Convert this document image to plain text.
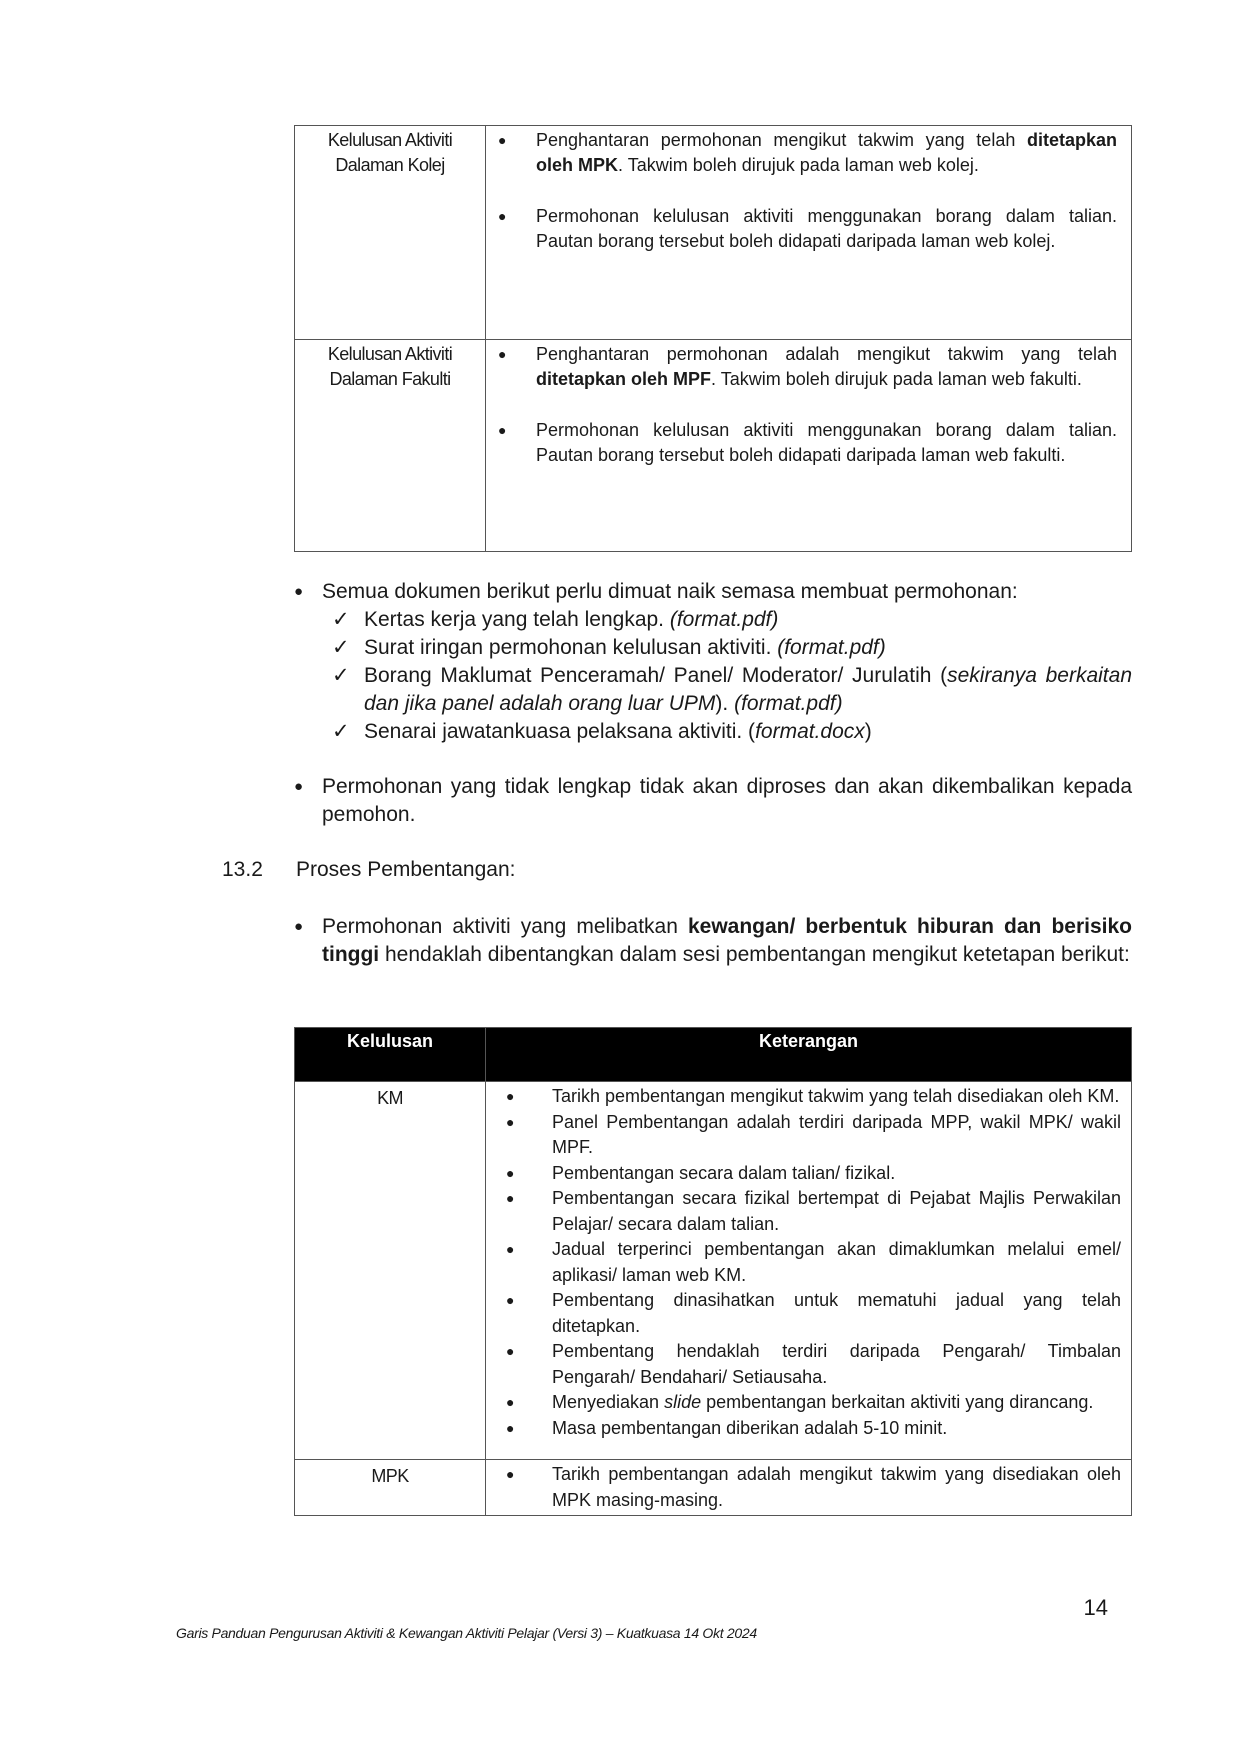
Kelulusan Aktiviti
Dalaman Kolej

●	Penghantaran permohonan mengikut takwim yang telah ditetapkan oleh MPK. Takwim boleh dirujuk pada laman web kolej.
●	Permohonan kelulusan aktiviti menggunakan borang dalam talian. Pautan borang tersebut boleh didapati daripada laman web kolej.

Kelulusan Aktiviti
Dalaman Fakulti

●	Penghantaran permohonan adalah mengikut takwim yang telah ditetapkan oleh MPF. Takwim boleh dirujuk pada laman web fakulti.
●	Permohonan kelulusan aktiviti menggunakan borang dalam talian. Pautan borang tersebut boleh didapati daripada laman web fakulti.
● Semua dokumen berikut perlu dimuat naik semasa membuat permohonan:
✓ Kertas kerja yang telah lengkap. (format.pdf)
✓ Surat iringan permohonan kelulusan aktiviti. (format.pdf)
✓ Borang Maklumat Penceramah/ Panel/ Moderator/ Jurulatih (sekiranya berkaitan dan jika panel adalah orang luar UPM). (format.pdf)
✓ Senarai jawatankuasa pelaksana aktiviti. (format.docx)
● Permohonan yang tidak lengkap tidak akan diproses dan akan dikembalikan kepada pemohon.
13.2	Proses Pembentangan:
● Permohonan aktiviti yang melibatkan kewangan/ berbentuk hiburan dan berisiko tinggi hendaklah dibentangkan dalam sesi pembentangan mengikut ketetapan berikut:
Kelulusan	Keterangan
KM	●	Tarikh pembentangan mengikut takwim yang telah disediakan oleh KM.
●	Panel Pembentangan adalah terdiri daripada MPP, wakil MPK/ wakil MPF.
●	Pembentangan secara dalam talian/ fizikal.
●	Pembentangan secara fizikal bertempat di Pejabat Majlis Perwakilan Pelajar/ secara dalam talian.
●	Jadual terperinci pembentangan akan dimaklumkan melalui emel/ aplikasi/ laman web KM.
●	Pembentang dinasihatkan untuk mematuhi jadual yang telah ditetapkan.
●	Pembentang hendaklah terdiri daripada Pengarah/ Timbalan Pengarah/ Bendahari/ Setiausaha.
●	Menyediakan slide pembentangan berkaitan aktiviti yang dirancang.
●	Masa pembentangan diberikan adalah 5-10 minit.

MPK	● Tarikh pembentangan adalah mengikut takwim yang disediakan oleh MPK masing-masing.
14
Garis Panduan Pengurusan Aktiviti & Kewangan Aktiviti Pelajar (Versi 3) – Kuatkuasa 14 Okt 2024
